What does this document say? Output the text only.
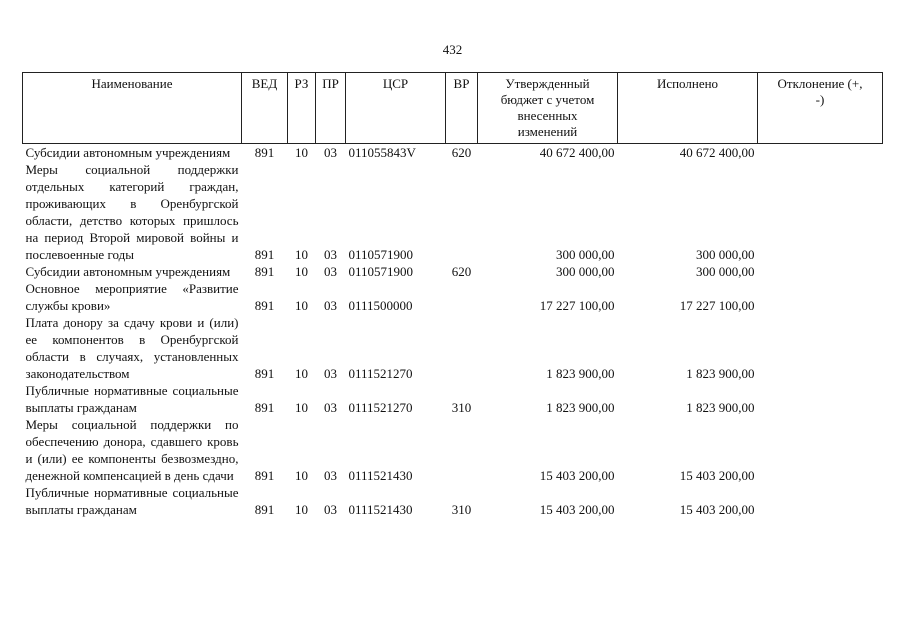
432
Наименование	ВЕД	РЗ	ПР	ЦСР	ВР	Утвержденный бюджет с учетом внесенных изменений	Исполнено	Отклонение (+, -)
Субсидии автономным учреждениям	891	10	03	011055843V	620	40 672 400,00	40 672 400,00	
Меры социальной поддержки отдельных категорий граждан, проживающих в Оренбургской области, детство которых пришлось на период Второй мировой войны и послевоенные годы	891	10	03	0110571900		300 000,00	300 000,00	
Субсидии автономным учреждениям	891	10	03	0110571900	620	300 000,00	300 000,00	
Основное мероприятие «Развитие службы крови»	891	10	03	0111500000		17 227 100,00	17 227 100,00	
Плата донору за сдачу крови и (или) ее компонентов в Оренбургской области в случаях, установленных законодательством	891	10	03	0111521270		1 823 900,00	1 823 900,00	
Публичные нормативные социальные выплаты гражданам	891	10	03	0111521270	310	1 823 900,00	1 823 900,00	
Меры социальной поддержки по обеспечению донора, сдавшего кровь и (или) ее компоненты безвозмездно, денежной компенсацией в день сдачи	891	10	03	0111521430		15 403 200,00	15 403 200,00	
Публичные нормативные социальные выплаты гражданам	891	10	03	0111521430	310	15 403 200,00	15 403 200,00	
